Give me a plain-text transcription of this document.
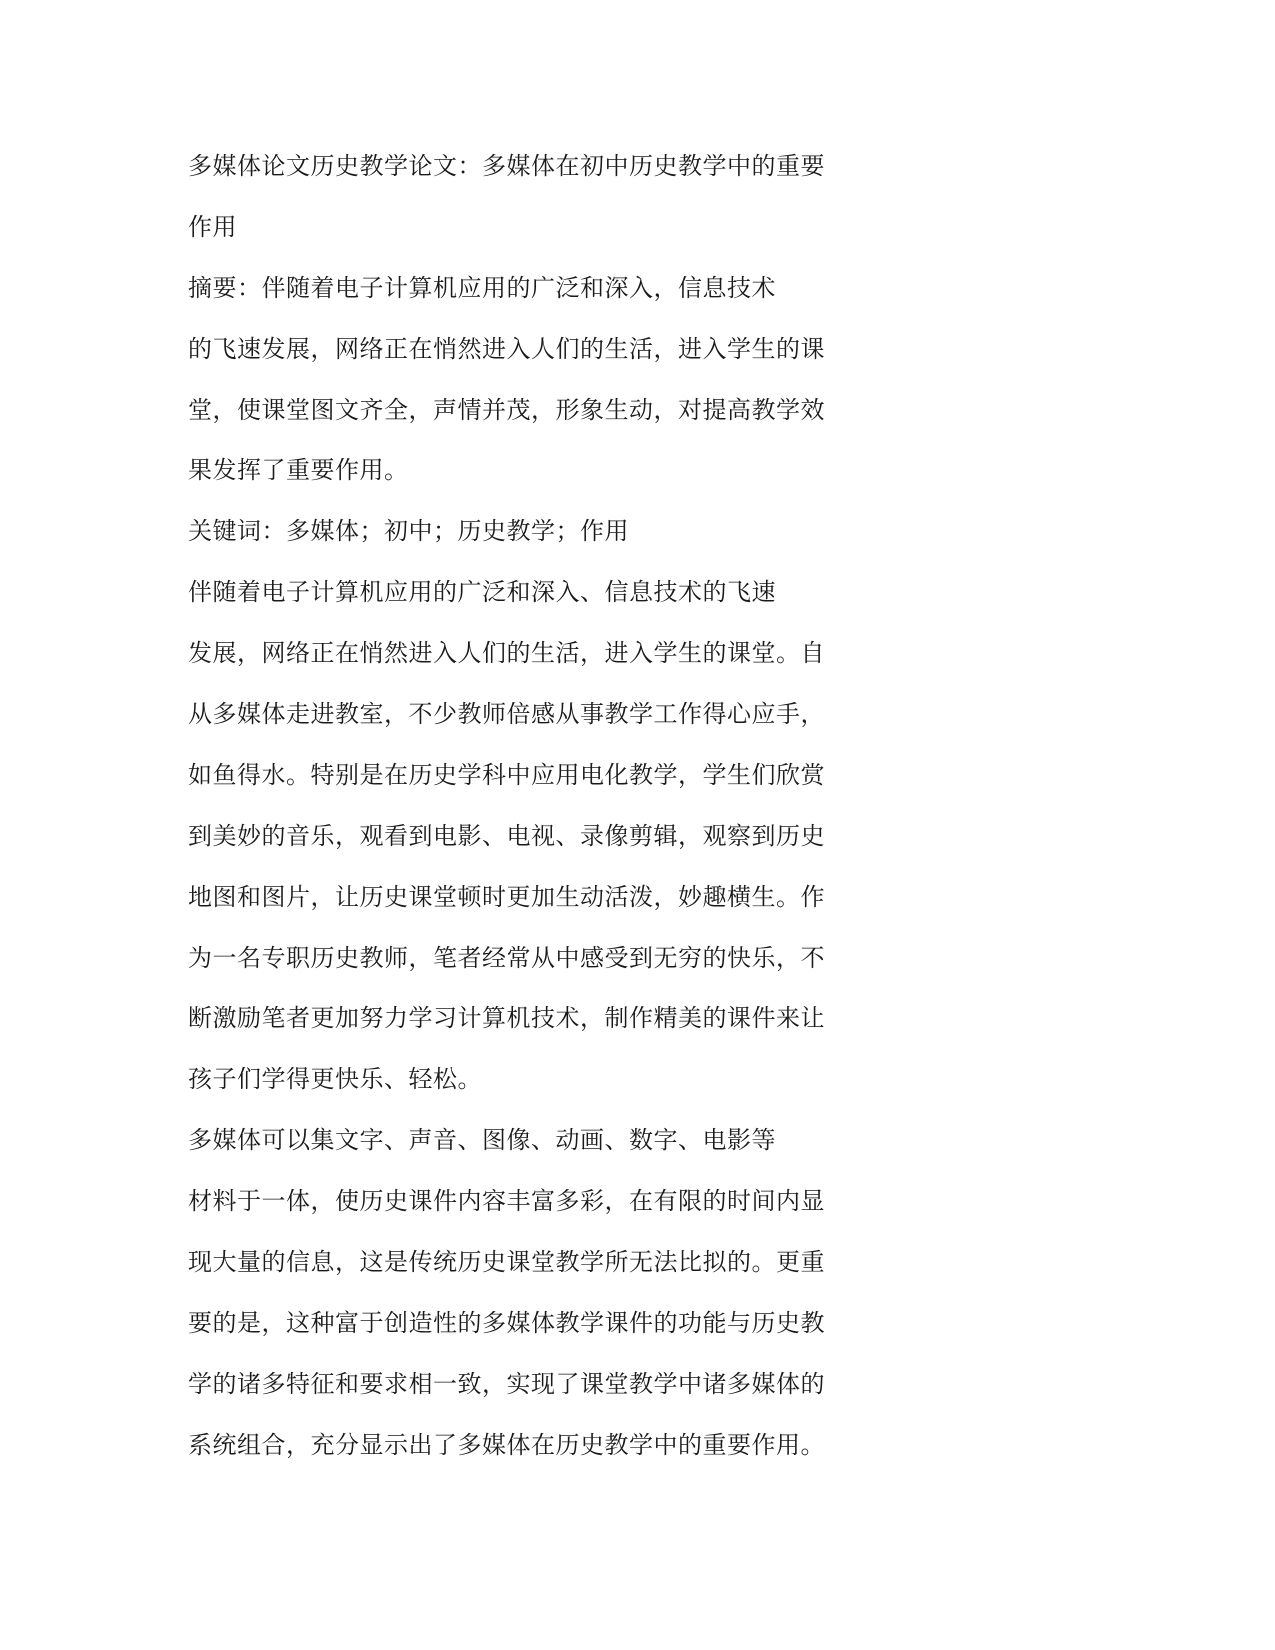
多媒体论文历史教学论文：多媒体在初中历史教学中的重要
作用
摘要：伴随着电子计算机应用的广泛和深入，信息技术
的飞速发展，网络正在悄然进入人们的生活，进入学生的课
堂，使课堂图文齐全，声情并茂，形象生动，对提高教学效
果发挥了重要作用。
关键词：多媒体；初中；历史教学；作用
伴随着电子计算机应用的广泛和深入、信息技术的飞速
发展，网络正在悄然进入人们的生活，进入学生的课堂。自
从多媒体走进教室，不少教师倍感从事教学工作得心应手，
如鱼得水。特别是在历史学科中应用电化教学，学生们欣赏
到美妙的音乐，观看到电影、电视、录像剪辑，观察到历史
地图和图片，让历史课堂顿时更加生动活泼，妙趣横生。作
为一名专职历史教师，笔者经常从中感受到无穷的快乐，不
断激励笔者更加努力学习计算机技术，制作精美的课件来让
孩子们学得更快乐、轻松。
多媒体可以集文字、声音、图像、动画、数字、电影等
材料于一体，使历史课件内容丰富多彩，在有限的时间内显
现大量的信息，这是传统历史课堂教学所无法比拟的。更重
要的是，这种富于创造性的多媒体教学课件的功能与历史教
学的诸多特征和要求相一致，实现了课堂教学中诸多媒体的
系统组合，充分显示出了多媒体在历史教学中的重要作用。
